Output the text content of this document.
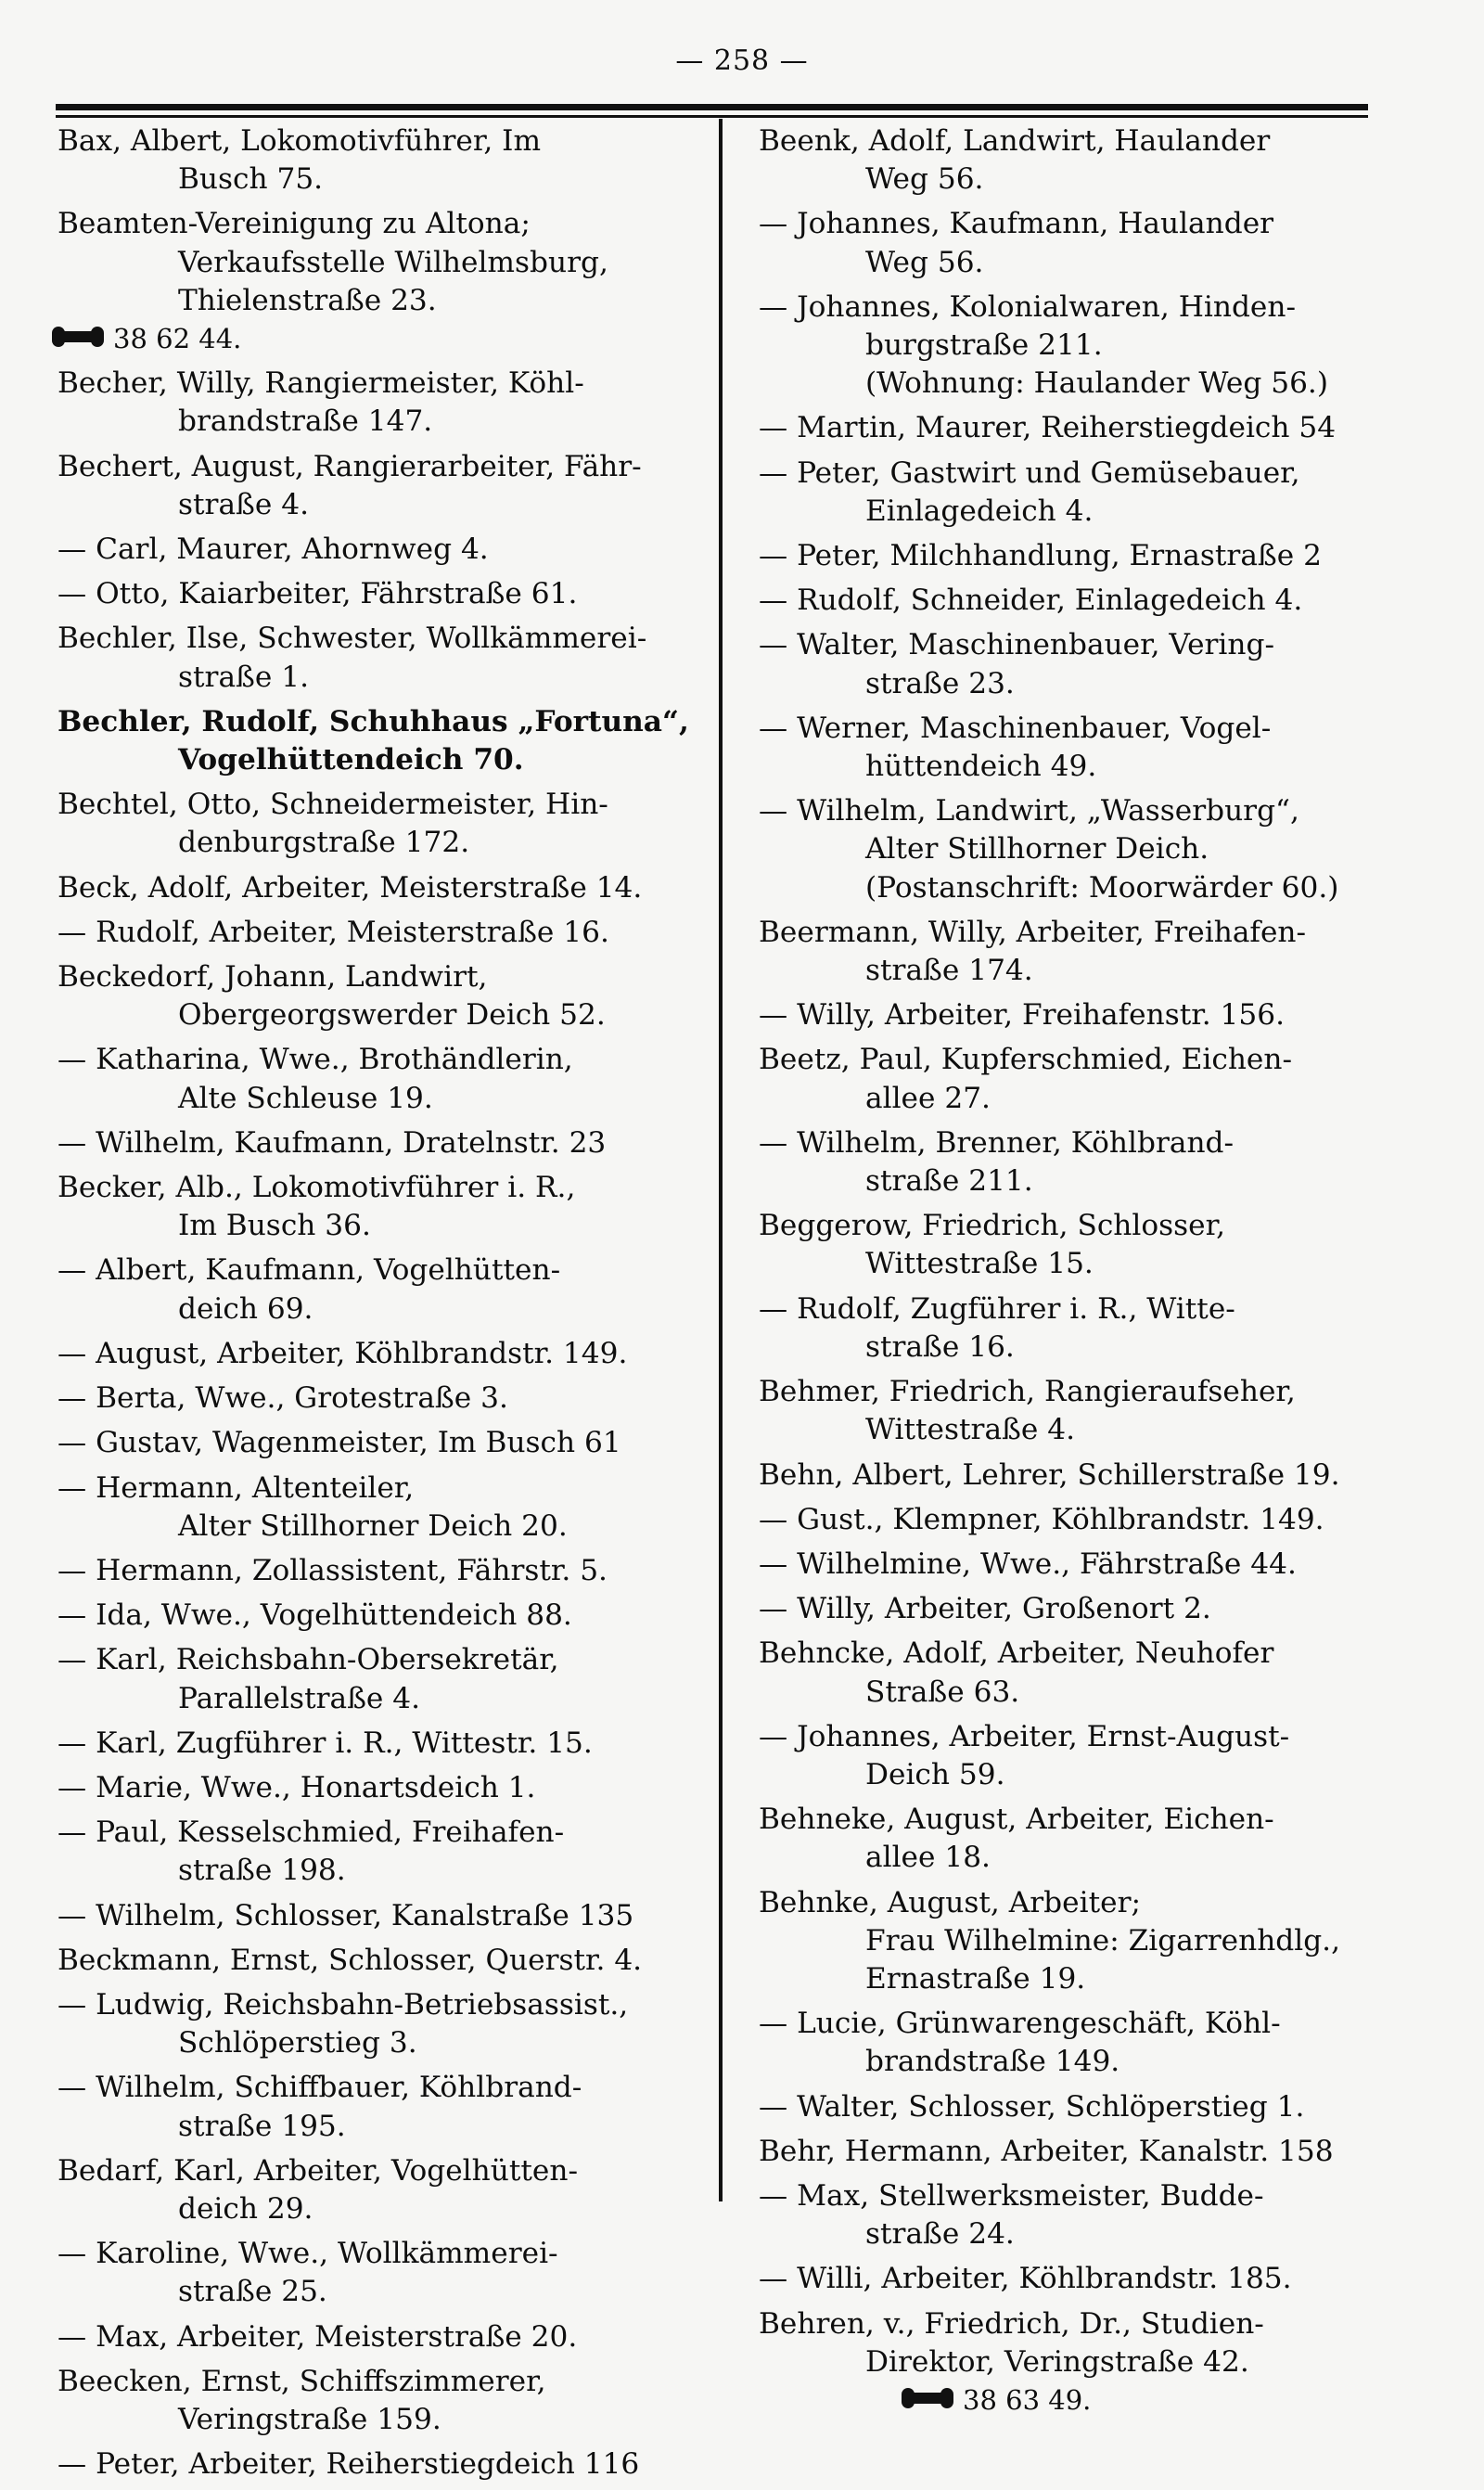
— 258 —
Bax, Albert, Lokomotivführer, Im
Busch 75.
Beamten-Vereinigung zu Altona;
Verkaufsstelle Wilhelmsburg,
Thielenstraße 23.
38 62 44.
Becher, Willy, Rangiermeister, Köhl-
brandstraße 147.
Bechert, August, Rangierarbeiter, Fähr-
straße 4.
— Carl, Maurer, Ahornweg 4.
— Otto, Kaiarbeiter, Fährstraße 61.
Bechler, Ilse, Schwester, Wollkämmerei-
straße 1.
Bechler, Rudolf, Schuhhaus „Fortuna“,
Vogelhüttendeich 70.
Bechtel, Otto, Schneidermeister, Hin-
denburgstraße 172.
Beck, Adolf, Arbeiter, Meisterstraße 14.
— Rudolf, Arbeiter, Meisterstraße 16.
Beckedorf, Johann, Landwirt,
Obergeorgswerder Deich 52.
— Katharina, Wwe., Brothändlerin,
Alte Schleuse 19.
— Wilhelm, Kaufmann, Dratelnstr. 23
Becker, Alb., Lokomotivführer i. R.,
Im Busch 36.
— Albert, Kaufmann, Vogelhütten-
deich 69.
— August, Arbeiter, Köhlbrandstr. 149.
— Berta, Wwe., Grotestraße 3.
— Gustav, Wagenmeister, Im Busch 61
— Hermann, Altenteiler,
Alter Stillhorner Deich 20.
— Hermann, Zollassistent, Fährstr. 5.
— Ida, Wwe., Vogelhüttendeich 88.
— Karl, Reichsbahn-Obersekretär,
Parallelstraße 4.
— Karl, Zugführer i. R., Wittestr. 15.
— Marie, Wwe., Honartsdeich 1.
— Paul, Kesselschmied, Freihafen-
straße 198.
— Wilhelm, Schlosser, Kanalstraße 135
Beckmann, Ernst, Schlosser, Querstr. 4.
— Ludwig, Reichsbahn-Betriebsassist.,
Schlöperstieg 3.
— Wilhelm, Schiffbauer, Köhlbrand-
straße 195.
Bedarf, Karl, Arbeiter, Vogelhütten-
deich 29.
— Karoline, Wwe., Wollkämmerei-
straße 25.
— Max, Arbeiter, Meisterstraße 20.
Beecken, Ernst, Schiffszimmerer,
Veringstraße 159.
— Peter, Arbeiter, Reiherstiegdeich 116
Beenk, Adolf, Landwirt, Haulander
Weg 56.
— Johannes, Kaufmann, Haulander
Weg 56.
— Johannes, Kolonialwaren, Hinden-
burgstraße 211.
(Wohnung: Haulander Weg 56.)
— Martin, Maurer, Reiherstiegdeich 54
— Peter, Gastwirt und Gemüsebauer,
Einlagedeich 4.
— Peter, Milchhandlung, Ernastraße 2
— Rudolf, Schneider, Einlagedeich 4.
— Walter, Maschinenbauer, Vering-
straße 23.
— Werner, Maschinenbauer, Vogel-
hüttendeich 49.
— Wilhelm, Landwirt, „Wasserburg“,
Alter Stillhorner Deich.
(Postanschrift: Moorwärder 60.)
Beermann, Willy, Arbeiter, Freihafen-
straße 174.
— Willy, Arbeiter, Freihafenstr. 156.
Beetz, Paul, Kupferschmied, Eichen-
allee 27.
— Wilhelm, Brenner, Köhlbrand-
straße 211.
Beggerow, Friedrich, Schlosser,
Wittestraße 15.
— Rudolf, Zugführer i. R., Witte-
straße 16.
Behmer, Friedrich, Rangieraufseher,
Wittestraße 4.
Behn, Albert, Lehrer, Schillerstraße 19.
— Gust., Klempner, Köhlbrandstr. 149.
— Wilhelmine, Wwe., Fährstraße 44.
— Willy, Arbeiter, Großenort 2.
Behncke, Adolf, Arbeiter, Neuhofer
Straße 63.
— Johannes, Arbeiter, Ernst-August-
Deich 59.
Behneke, August, Arbeiter, Eichen-
allee 18.
Behnke, August, Arbeiter;
Frau Wilhelmine: Zigarrenhdlg.,
Ernastraße 19.
— Lucie, Grünwarengeschäft, Köhl-
brandstraße 149.
— Walter, Schlosser, Schlöperstieg 1.
Behr, Hermann, Arbeiter, Kanalstr. 158
— Max, Stellwerksmeister, Budde-
straße 24.
— Willi, Arbeiter, Köhlbrandstr. 185.
Behren, v., Friedrich, Dr., Studien-
Direktor, Veringstraße 42.
38 63 49.
